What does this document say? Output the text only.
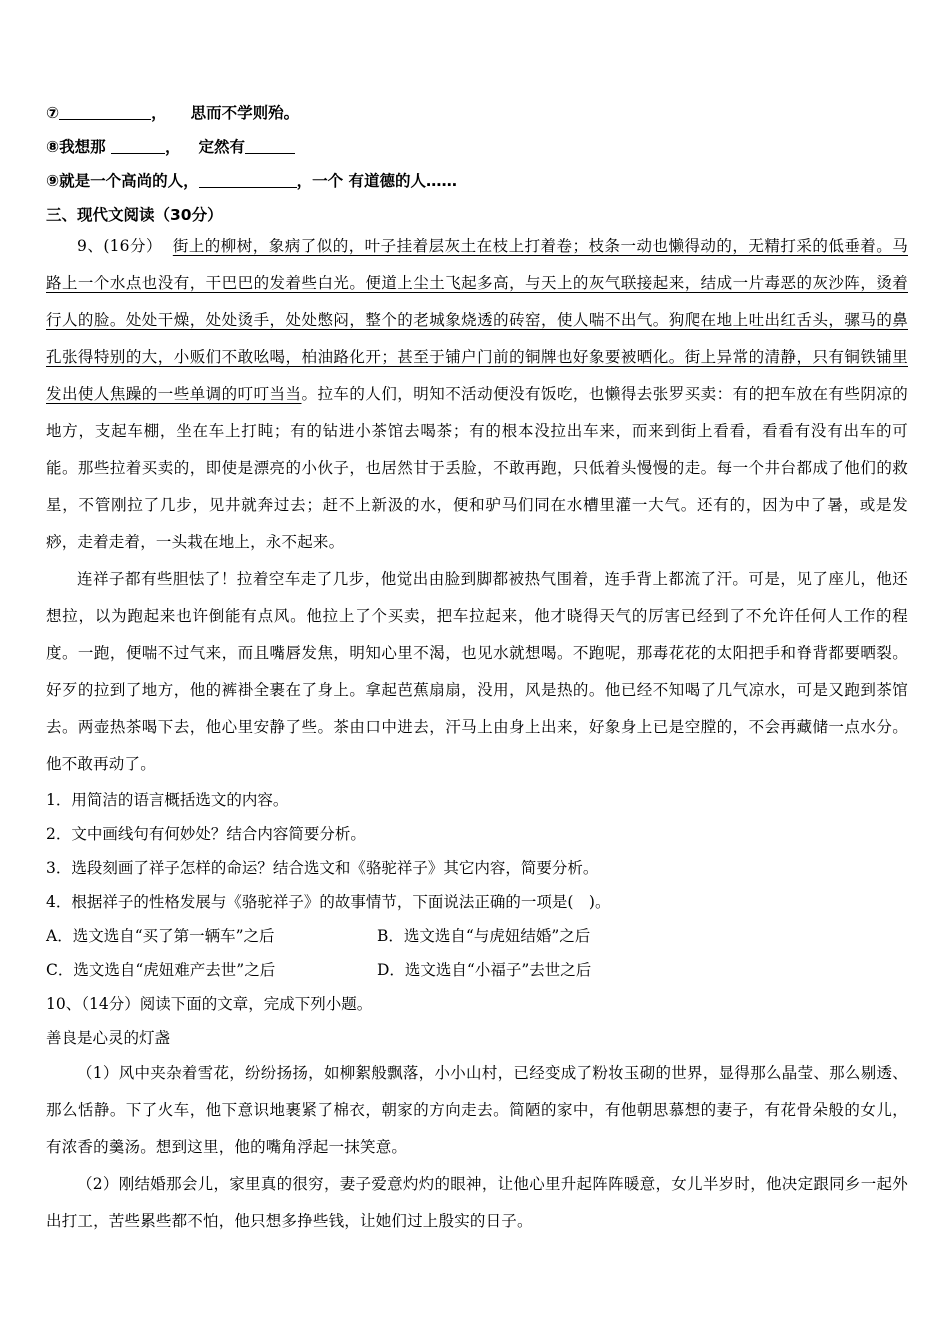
⑦	， 思而不学则殆。
⑧我想那	， 定然有
⑨就是一个高尚的人，	，一个 有道德的人……
三、现代文阅读（30分）
9、(16分） 街上的柳树，象病了似的，叶子挂着层灰土在枝上打着卷；枝条一动也懒得动的，无精打采的低垂着。马路上一个水点也没有，干巴巴的发着些白光。便道上尘土飞起多高，与天上的灰气联接起来，结成一片毒恶的灰沙阵，烫着行人的脸。处处干燥，处处烫手，处处憋闷，整个的老城象烧透的砖窑，使人喘不出气。狗爬在地上吐出红舌头，骡马的鼻孔张得特别的大，小贩们不敢吆喝，柏油路化开；甚至于铺户门前的铜牌也好象要被晒化。街上异常的清静，只有铜铁铺里发出使人焦躁的一些单调的叮叮当当。拉车的人们，明知不活动便没有饭吃，也懒得去张罗买卖：有的把车放在有些阴凉的地方，支起车棚，坐在车上打盹；有的钻进小茶馆去喝茶；有的根本没拉出车来，而来到街上看看，看看有没有出车的可能。那些拉着买卖的，即使是漂亮的小伙子，也居然甘于丢脸，不敢再跑，只低着头慢慢的走。每一个井台都成了他们的救星，不管刚拉了几步，见井就奔过去；赶不上新汲的水，便和驴马们同在水槽里灌一大气。还有的，因为中了暑，或是发痧，走着走着，一头栽在地上，永不起来。
连祥子都有些胆怯了！拉着空车走了几步，他觉出由脸到脚都被热气围着，连手背上都流了汗。可是，见了座儿，他还想拉，以为跑起来也许倒能有点风。他拉上了个买卖，把车拉起来，他才晓得天气的厉害已经到了不允许任何人工作的程度。一跑，便喘不过气来，而且嘴唇发焦，明知心里不渴，也见水就想喝。不跑呢，那毒花花的太阳把手和脊背都要晒裂。好歹的拉到了地方，他的裤褂全裹在了身上。拿起芭蕉扇扇，没用，风是热的。他已经不知喝了几气凉水，可是又跑到茶馆去。两壶热茶喝下去，他心里安静了些。茶由口中进去，汗马上由身上出来，好象身上已是空膛的，不会再藏储一点水分。他不敢再动了。
1．用简洁的语言概括选文的内容。
2．文中画线句有何妙处？结合内容简要分析。
3．选段刻画了祥子怎样的命运？结合选文和《骆驼祥子》其它内容，简要分析。
4．根据祥子的性格发展与《骆驼祥子》的故事情节，下面说法正确的一项是(　)。
A．选文选自“买了第一辆车”之后	B．选文选自“与虎妞结婚”之后
C．选文选自“虎妞难产去世”之后	D．选文选自“小福子”去世之后
10、（14分）阅读下面的文章，完成下列小题。
善良是心灵的灯盏
（1）风中夹杂着雪花，纷纷扬扬，如柳絮般飘落，小小山村，已经变成了粉妆玉砌的世界，显得那么晶莹、那么剔透、那么恬静。下了火车，他下意识地裹紧了棉衣，朝家的方向走去。简陋的家中，有他朝思慕想的妻子，有花骨朵般的女儿，有浓香的羹汤。想到这里，他的嘴角浮起一抹笑意。
（2）刚结婚那会儿，家里真的很穷，妻子爱意灼灼的眼神，让他心里升起阵阵暖意，女儿半岁时，他决定跟同乡一起外出打工，苦些累些都不怕，他只想多挣些钱，让她们过上殷实的日子。
